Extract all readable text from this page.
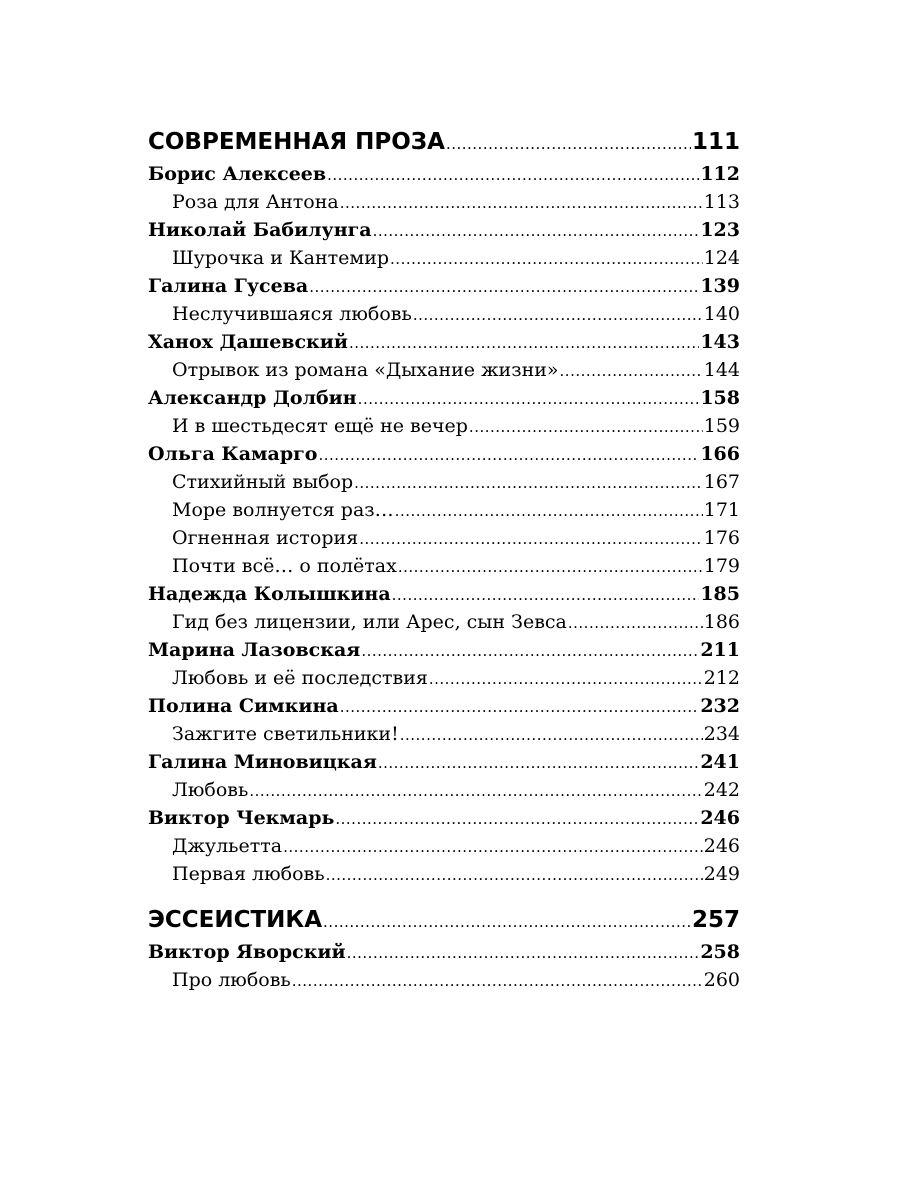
СОВРЕМЕННАЯ ПРОЗА .....	111
Борис Алексеев .....	112
Роза для Антона .....	113
Николай Бабилунга .....	123
Шурочка и Кантемир .....	124
Галина Гусева .....	139
Неслучившаяся любовь .....	140
Ханох Дашевский .....	143
Отрывок из романа «Дыхание жизни» .....	144
Александр Долбин .....	158
И в шестьдесят ещё не вечер .....	159
Ольга Камарго .....	166
Стихийный выбор .....	167
Море волнуется раз… .....	171
Огненная история .....	176
Почти всё… о полётах .....	179
Надежда Колышкина .....	185
Гид без лицензии, или Арес, сын Зевса .....	186
Марина Лазовская .....	211
Любовь и её последствия .....	212
Полина Симкина .....	232
Зажгите светильники! .....	234
Галина Миновицкая .....	241
Любовь .....	242
Виктор Чекмарь .....	246
Джульетта .....	246
Первая любовь .....	249
ЭССЕИСТИКА .....	257
Виктор Яворский .....	258
Про любовь .....	260
